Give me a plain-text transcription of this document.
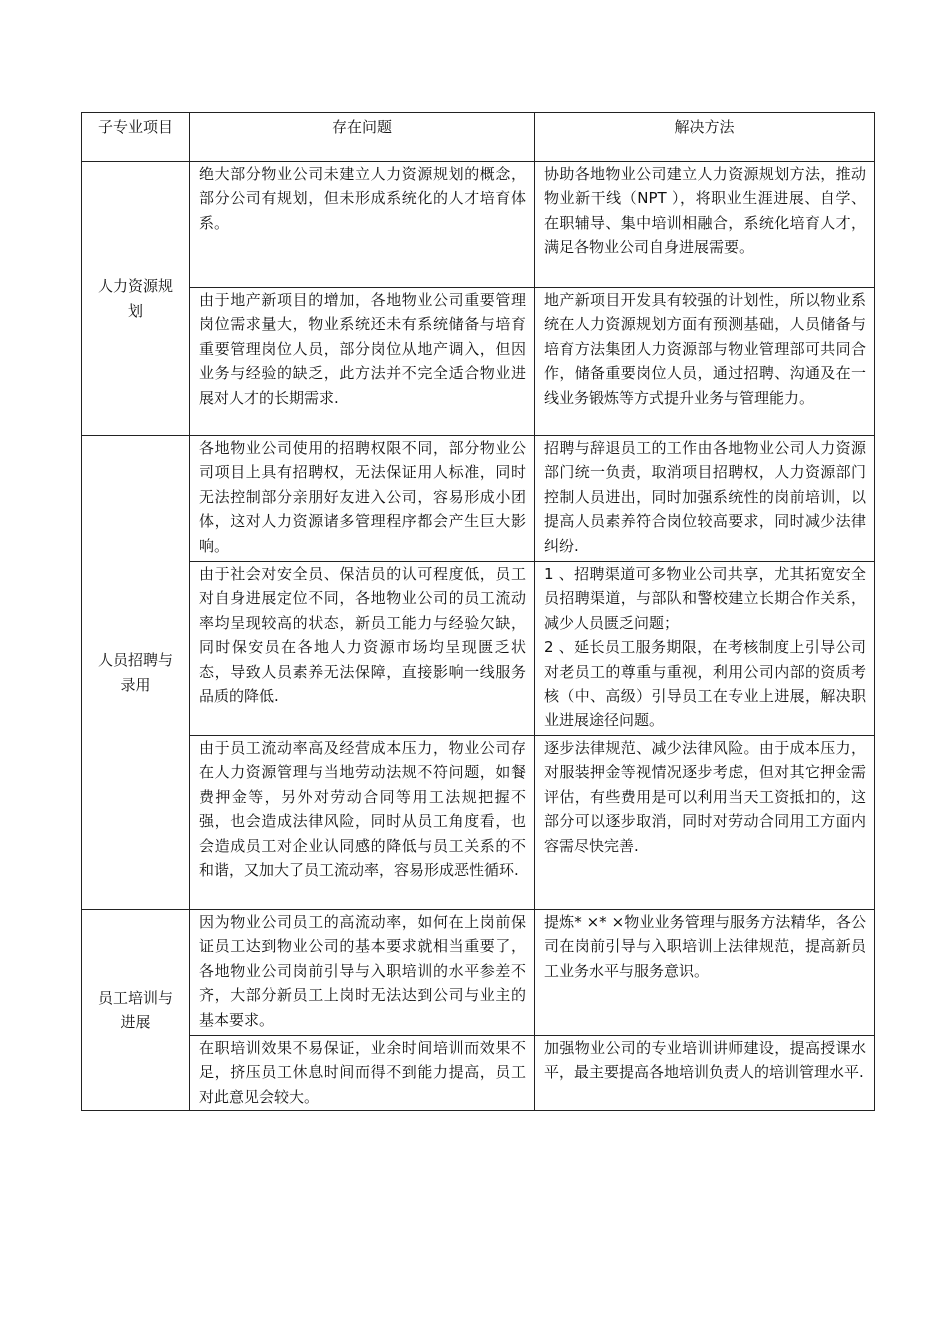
子专业项目	存在问题	解决方法
人力资源规划	绝大部分物业公司未建立人力资源规划的概念，部分公司有规划，但未形成系统化的人才培育体系。	协助各地物业公司建立人力资源规划方法，推动物业新干线（NPT ），将职业生涯进展、自学、在职辅导、集中培训相融合，系统化培育人才，满足各物业公司自身进展需要。
	由于地产新项目的增加，各地物业公司重要管理岗位需求量大，物业系统还未有系统储备与培育重要管理岗位人员，部分岗位从地产调入，但因业务与经验的缺乏，此方法并不完全适合物业进展对人才的长期需求.	地产新项目开发具有较强的计划性，所以物业系统在人力资源规划方面有预测基础，人员储备与培育方法集团人力资源部与物业管理部可共同合作，储备重要岗位人员，通过招聘、沟通及在一线业务锻炼等方式提升业务与管理能力。
人员招聘与录用	各地物业公司使用的招聘权限不同，部分物业公司项目上具有招聘权，无法保证用人标准，同时无法控制部分亲朋好友进入公司，容易形成小团体，这对人力资源诸多管理程序都会产生巨大影响。	招聘与辞退员工的工作由各地物业公司人力资源部门统一负责，取消项目招聘权，人力资源部门控制人员进出，同时加强系统性的岗前培训，以提高人员素养符合岗位较高要求，同时减少法律纠纷.
	由于社会对安全员、保洁员的认可程度低，员工对自身进展定位不同，各地物业公司的员工流动率均呈现较高的状态，新员工能力与经验欠缺，同时保安员在各地人力资源市场均呈现匮乏状态，导致人员素养无法保障，直接影响一线服务品质的降低.	1 、招聘渠道可多物业公司共享，尤其拓宽安全员招聘渠道，与部队和警校建立长期合作关系，减少人员匮乏问题；
2 、延长员工服务期限，在考核制度上引导公司对老员工的尊重与重视，利用公司内部的资质考核（中、高级）引导员工在专业上进展，解决职业进展途径问题。

	由于员工流动率高及经营成本压力，物业公司存在人力资源管理与当地劳动法规不符问题，如餐费押金等，另外对劳动合同等用工法规把握不强，也会造成法律风险，同时从员工角度看，也会造成员工对企业认同感的降低与员工关系的不和谐，又加大了员工流动率，容易形成恶性循环.	逐步法律规范、减少法律风险。由于成本压力，对服装押金等视情况逐步考虑，但对其它押金需评估，有些费用是可以利用当天工资抵扣的，这部分可以逐步取消，同时对劳动合同用工方面内容需尽快完善.
员工培训与进展	因为物业公司员工的高流动率，如何在上岗前保证员工达到物业公司的基本要求就相当重要了，各地物业公司岗前引导与入职培训的水平参差不齐，大部分新员工上岗时无法达到公司与业主的基本要求。	提炼* ×* ×物业业务管理与服务方法精华，各公司在岗前引导与入职培训上法律规范，提高新员工业务水平与服务意识。
	在职培训效果不易保证，业余时间培训而效果不足，挤压员工休息时间而得不到能力提高，员工对此意见会较大。	加强物业公司的专业培训讲师建设，提高授课水平，最主要提高各地培训负责人的培训管理水平.
